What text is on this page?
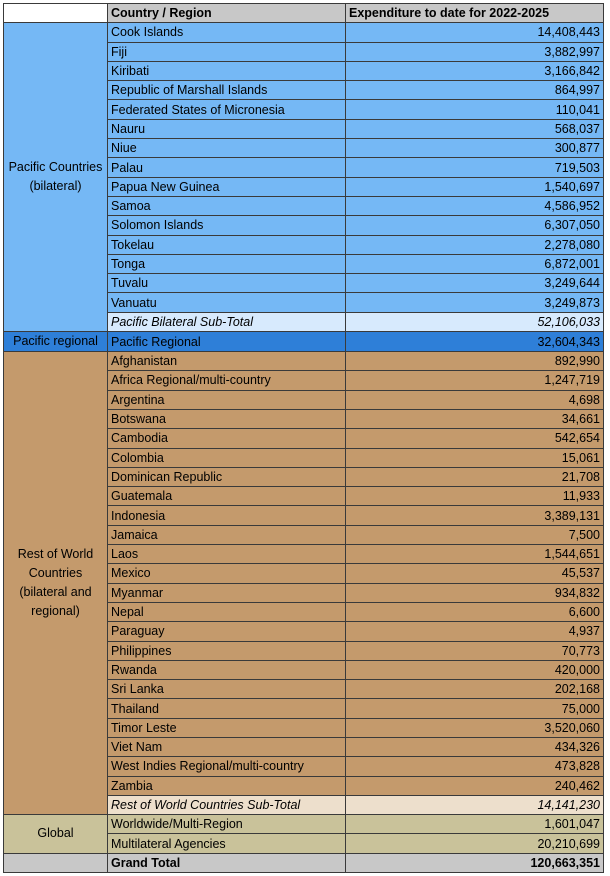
	Country / Region	Expenditure to date for 2022-2025
Pacific Countries (bilateral)	Cook Islands	14,408,443
	Fiji	3,882,997
	Kiribati	3,166,842
	Republic of Marshall Islands	864,997
	Federated States of Micronesia	110,041
	Nauru	568,037
	Niue	300,877
	Palau	719,503
	Papua New Guinea	1,540,697
	Samoa	4,586,952
	Solomon Islands	6,307,050
	Tokelau	2,278,080
	Tonga	6,872,001
	Tuvalu	3,249,644
	Vanuatu	3,249,873
	Pacific Bilateral Sub-Total	52,106,033
Pacific regional	Pacific Regional	32,604,343
Rest of World Countries (bilateral and regional)	Afghanistan	892,990
	Africa Regional/multi-country	1,247,719
	Argentina	4,698
	Botswana	34,661
	Cambodia	542,654
	Colombia	15,061
	Dominican Republic	21,708
	Guatemala	11,933
	Indonesia	3,389,131
	Jamaica	7,500
	Laos	1,544,651
	Mexico	45,537
	Myanmar	934,832
	Nepal	6,600
	Paraguay	4,937
	Philippines	70,773
	Rwanda	420,000
	Sri Lanka	202,168
	Thailand	75,000
	Timor Leste	3,520,060
	Viet Nam	434,326
	West Indies Regional/multi-country	473,828
	Zambia	240,462
	Rest of World Countries Sub-Total	14,141,230
Global	Worldwide/Multi-Region	1,601,047
	Multilateral Agencies	20,210,699
	Grand Total	120,663,351
